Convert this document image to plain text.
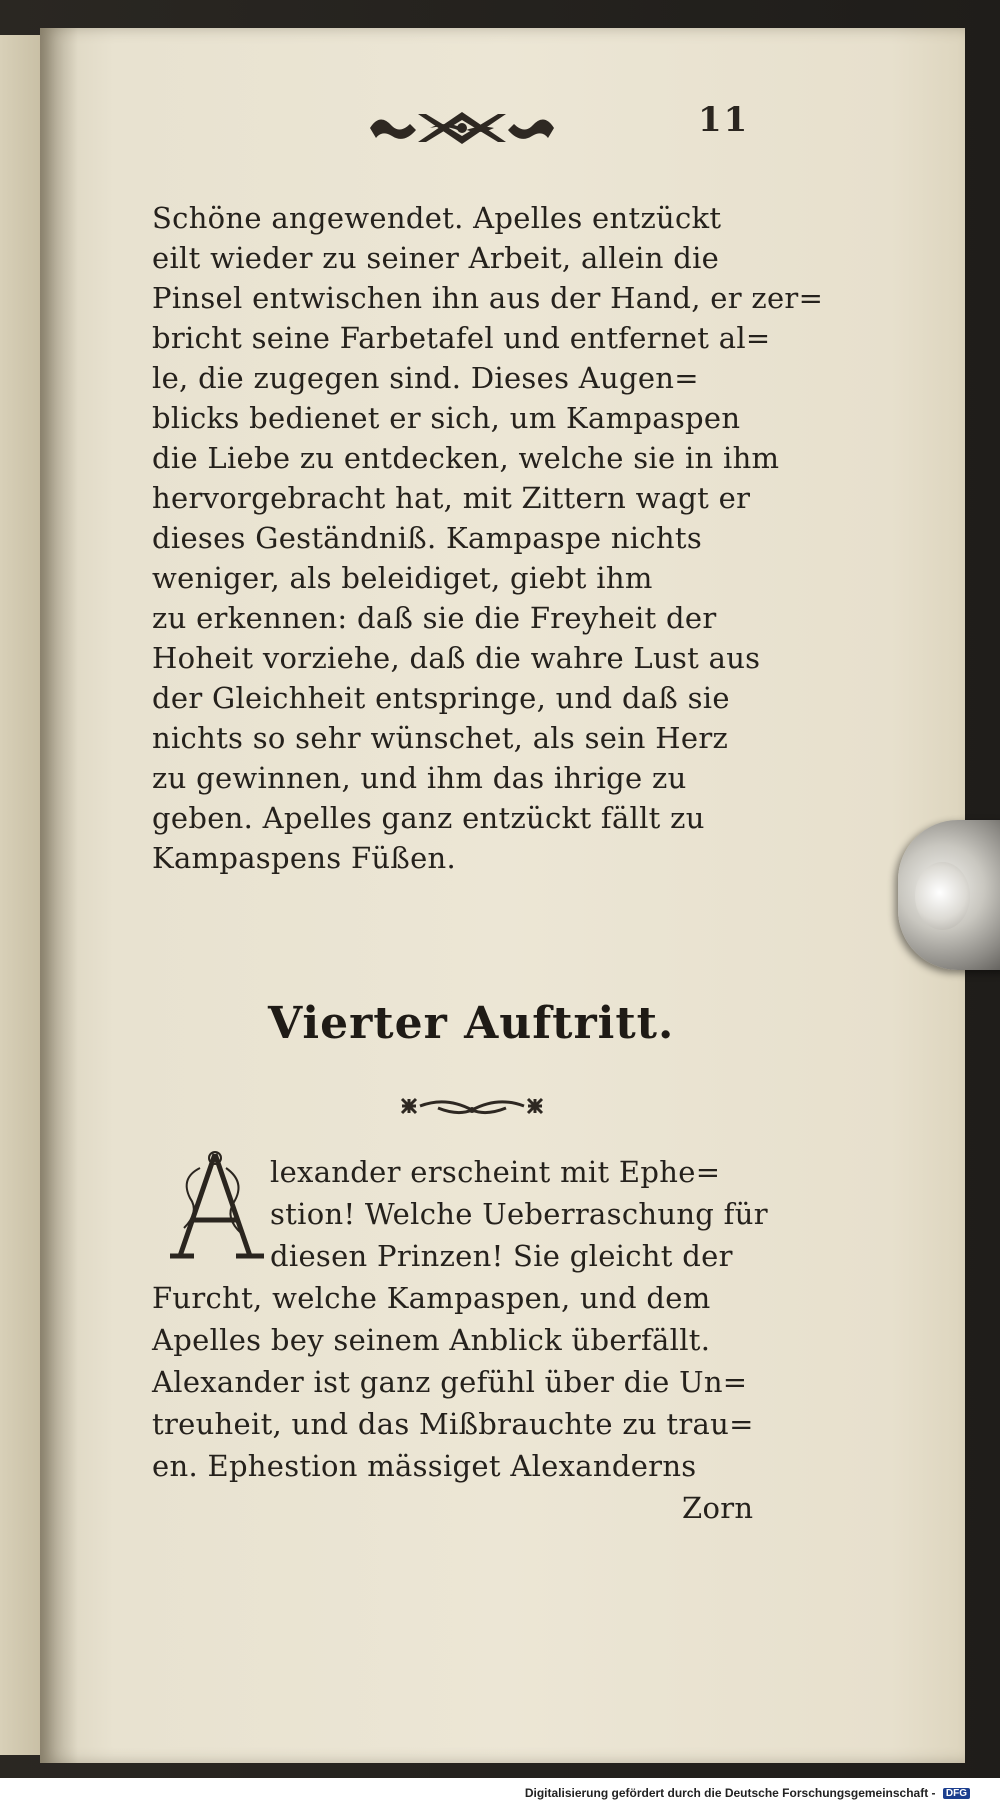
11
Schöne angewendet. Apelles entzückt
eilt wieder zu seiner Arbeit, allein die
Pinsel entwischen ihn aus der Hand, er zer=
bricht seine Farbetafel und entfernet al=
le, die zugegen sind. Dieses Augen=
blicks bedienet er sich, um Kampaspen
die Liebe zu entdecken, welche sie in ihm
hervorgebracht hat, mit Zittern wagt er
dieses Geständniß. Kampaspe nichts
weniger, als beleidiget, giebt ihm
zu erkennen: daß sie die Freyheit der
Hoheit vorziehe, daß die wahre Lust aus
der Gleichheit entspringe, und daß sie
nichts so sehr wünschet, als sein Herz
zu gewinnen, und ihm das ihrige zu
geben. Apelles ganz entzückt fällt zu
Kampaspens Füßen.
Vierter Auftritt.
lexander erscheint mit Ephe=
stion! Welche Ueberraschung für
diesen Prinzen! Sie gleicht der
Furcht, welche Kampaspen, und dem
Apelles bey seinem Anblick überfällt.
Alexander ist ganz gefühl über die Un=
treuheit, und das Mißbrauchte zu trau=
en. Ephestion mässiget Alexanderns
Zorn
Digitalisierung gefördert durch die Deutsche Forschungsgemeinschaft - DFG
